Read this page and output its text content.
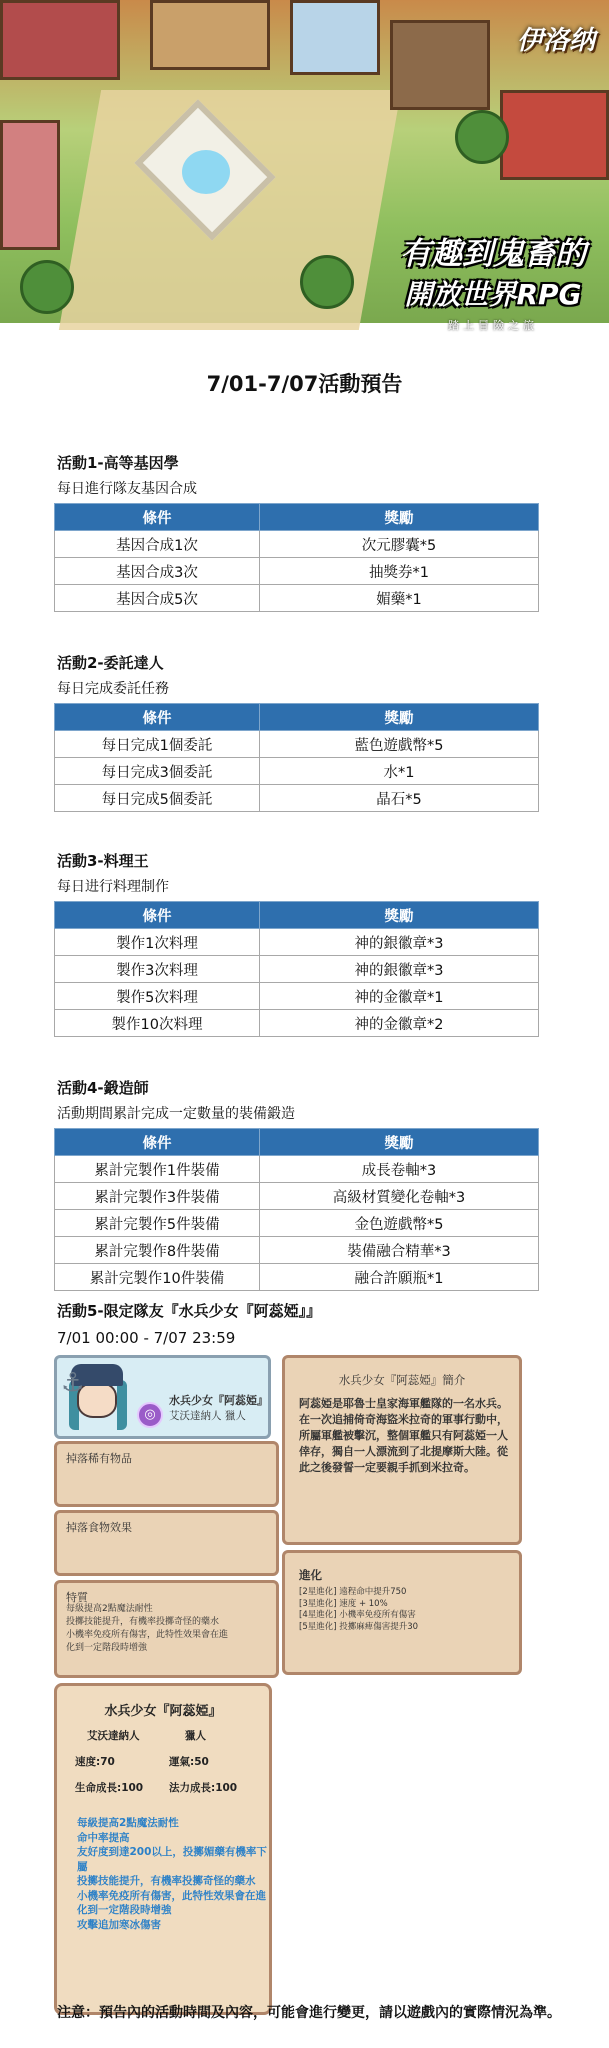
伊洛纳
有趣到鬼畜的
開放世界RPG
踏上冒險之旅
7/01-7/07活動預告
活動1-高等基因學
每日進行隊友基因合成
條件	獎勵
基因合成1次	次元膠囊*5
基因合成3次	抽獎券*1
基因合成5次	媚藥*1
活動2-委託達人
每日完成委託任務
條件	獎勵
每日完成1個委託	藍色遊戲幣*5
每日完成3個委託	水*1
每日完成5個委託	晶石*5
活動3-料理王
每日进行料理制作
條件	獎勵
製作1次料理	神的銀徽章*3
製作3次料理	神的銀徽章*3
製作5次料理	神的金徽章*1
製作10次料理	神的金徽章*2
活動4-鍛造師
活動期間累計完成一定數量的裝備鍛造
條件	獎勵
累計完製作1件裝備	成長卷軸*3
累計完製作3件裝備	高級材質變化卷軸*3
累計完製作5件裝備	金色遊戲幣*5
累計完製作8件裝備	裝備融合精華*3
累計完製作10件裝備	融合許願瓶*1
活動5-限定隊友『水兵少女『阿蕊婭』』
7/01 00:00 - 7/07 23:59
⚓
◎
水兵少女『阿蕊婭』
艾沃達納人 獵人
掉落稀有物品
掉落食物效果
特質
每級提高2點魔法耐性
投擲技能提升，有機率投擲奇怪的藥水
小機率免疫所有傷害，此特性效果會在進
化到一定階段時增強
水兵少女『阿蕊婭』簡介
阿蕊婭是耶魯士皇家海軍艦隊的一名水兵。在一次追捕倚奇海盜米拉奇的軍事行動中，所屬軍艦被擊沉，整個軍艦只有阿蕊婭一人倖存，獨自一人漂流到了北提摩斯大陸。從此之後發誓一定要親手抓到米拉奇。
進化
[2星進化] 遠程命中提升750
[3星進化] 速度 + 10%
[4星進化] 小機率免疫所有傷害
[5星進化] 投擲麻痺傷害提升30
水兵少女『阿蕊婭』
艾沃達納人	獵人
速度:70	運氣:50
生命成長:100 法力成長:100
每級提高2點魔法耐性
命中率提高
友好度到達200以上，投擲媚藥有機率下屬
投擲技能提升，有機率投擲奇怪的藥水
小機率免疫所有傷害，此特性效果會在進化到一定階段時增強
攻擊追加寒冰傷害
注意：預告內的活動時間及內容，可能會進行變更，請以遊戲內的實際情況為準。
